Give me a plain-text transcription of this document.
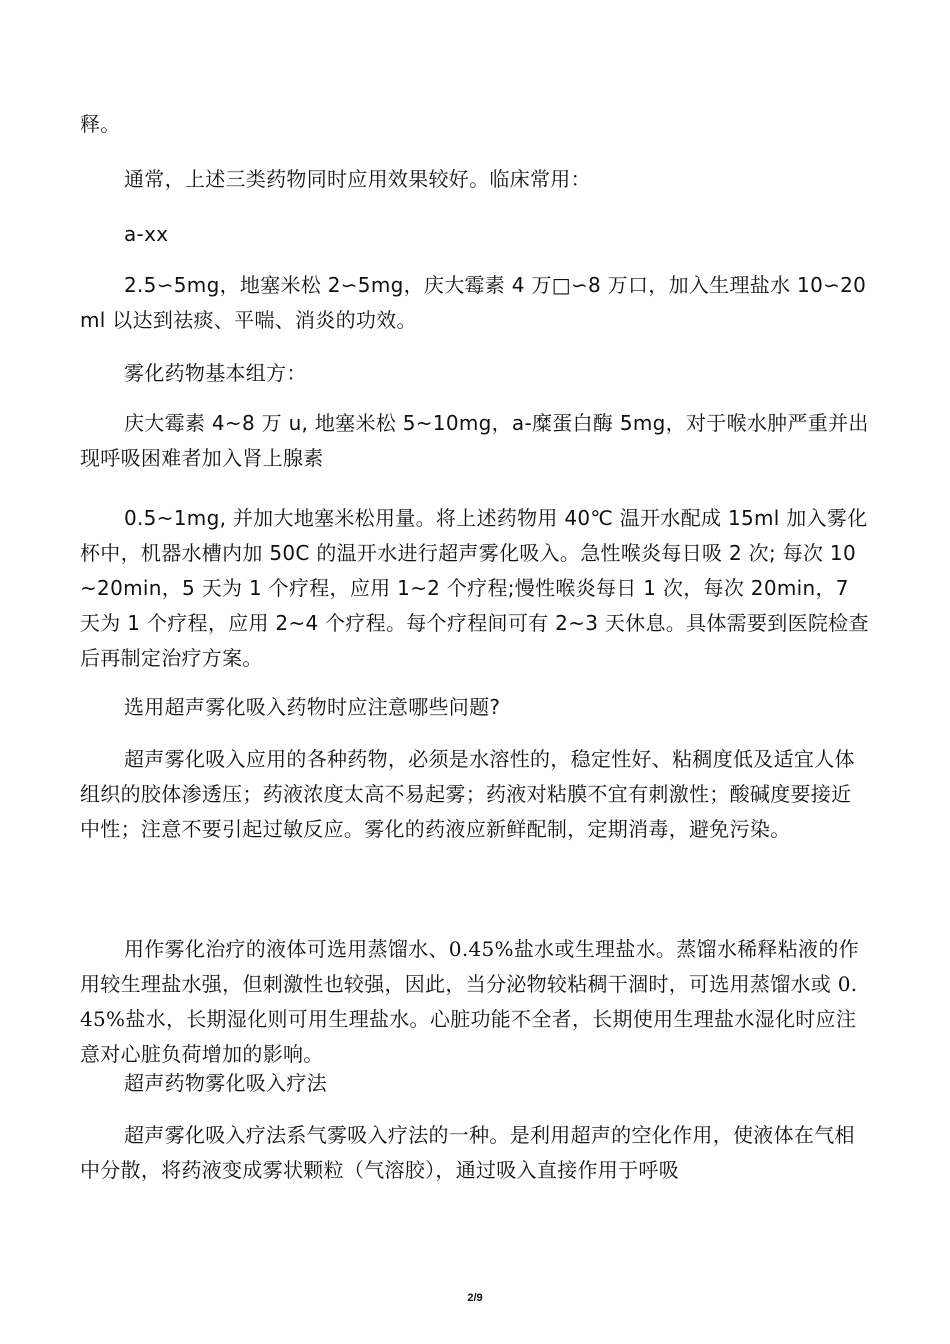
释。

通常，上述三类药物同时应用效果较好。临床常用：

a-xx

2.5∽5mg，地塞米松 2∽5mg，庆大霉素 4 万□∽8 万口，加入生理盐水 10∽20ml 以达到祛痰、平喘、消炎的功效。

雾化药物基本组方：

庆大霉素 4~8 万 u, 地塞米松 5~10mg，a-糜蛋白酶 5mg，对于喉水肿严重并出现呼吸困难者加入肾上腺素

0.5~1mg, 并加大地塞米松用量。将上述药物用 40℃ 温开水配成 15ml 加入雾化杯中，机器水槽内加 50C 的温开水进行超声雾化吸入。急性喉炎每日吸 2 次; 每次 10~20min，5 天为 1 个疗程，应用 1~2 个疗程;慢性喉炎每日 1 次，每次 20min，7 天为 1 个疗程，应用 2~4 个疗程。每个疗程间可有 2~3 天休息。具体需要到医院检查后再制定治疗方案。

选用超声雾化吸入药物时应注意哪些问题?

超声雾化吸入应用的各种药物，必须是水溶性的，稳定性好、粘稠度低及适宜人体组织的胶体渗透压；药液浓度太高不易起雾；药液对粘膜不宜有刺激性；酸碱度要接近中性；注意不要引起过敏反应。雾化的药液应新鲜配制，定期消毒，避免污染。

用作雾化治疗的液体可选用蒸馏水、0.45%盐水或生理盐水。蒸馏水稀释粘液的作用较生理盐水强，但刺激性也较强，因此，当分泌物较粘稠干涸时，可选用蒸馏水或 0.45%盐水，长期湿化则可用生理盐水。心脏功能不全者，长期使用生理盐水湿化时应注意对心脏负荷增加的影响。

超声药物雾化吸入疗法

超声雾化吸入疗法系气雾吸入疗法的一种。是利用超声的空化作用，使液体在气相中分散，将药液变成雾状颗粒（气溶胶），通过吸入直接作用于呼吸

2/9
